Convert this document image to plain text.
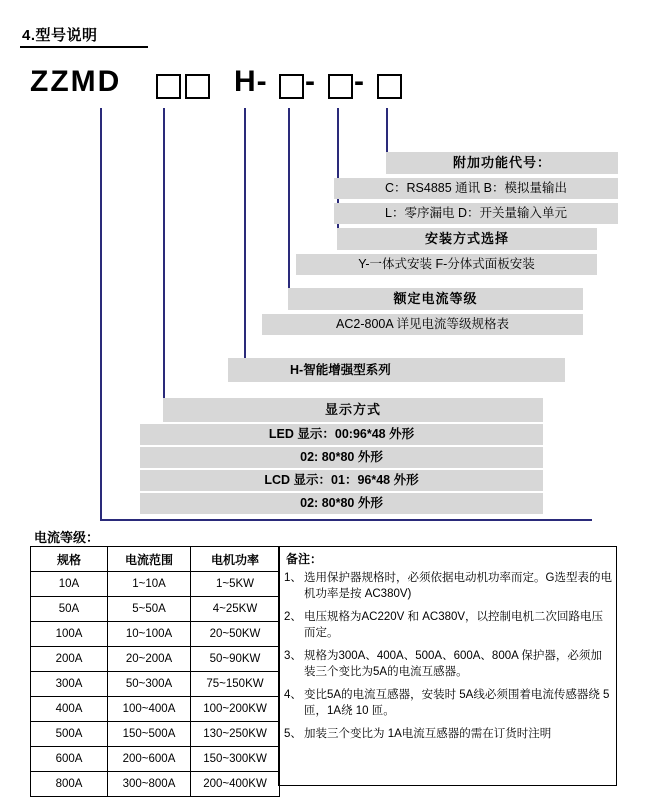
4.型号说明
ZZMD	H- - -
附加功能代号：
C：RS4885 通讯 B：模拟量输出
L：零序漏电 D：开关量输入单元
安装方式选择
Y-一体式安装 F-分体式面板安装
额定电流等级
AC2-800A 详见电流等级规格表
H-智能增强型系列
显示方式
LED 显示：00:96*48 外形
02: 80*80 外形
LCD 显示：01：96*48 外形
02: 80*80 外形
电流等级：
规格	电流范围	电机功率
10A	1~10A	1~5KW
50A	5~50A	4~25KW
100A	10~100A	20~50KW
200A	20~200A	50~90KW
300A	50~300A	75~150KW
400A	100~400A	100~200KW
500A	150~500A	130~250KW
600A	200~600A	150~300KW
800A	300~800A	200~400KW
备注：
1、 选用保护器规格时，必须依据电动机功率而定。G选型表的电机功率是按 AC380V)
2、 电压规格为AC220V 和 AC380V，以控制电机二次回路电压而定。
3、 规格为300A、400A、500A、600A、800A 保护器，必须加装三个变比为5A的电流互感器。
4、 变比5A的电流互感器，安装时 5A线必须围着电流传感器绕 5 匝，1A绕 10 匝。
5、 加装三个变比为 1A电流互感器的需在订货时注明
